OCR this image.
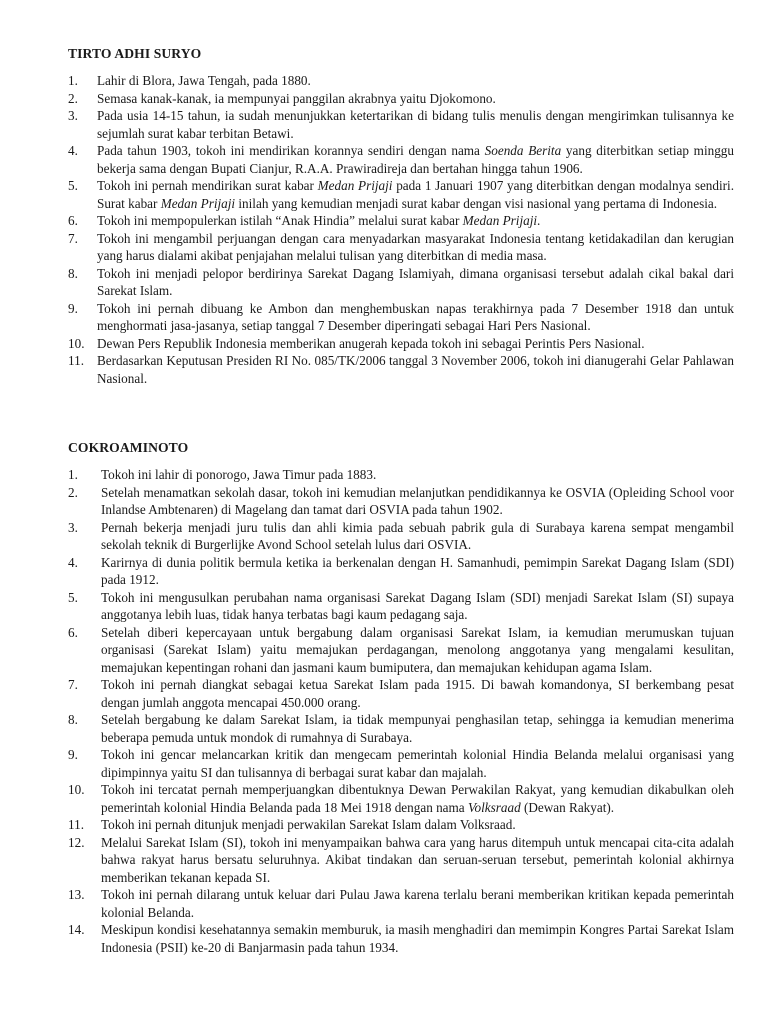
TIRTO ADHI SURYO
1.	Lahir di Blora, Jawa Tengah, pada 1880.
2.	Semasa kanak-kanak, ia mempunyai panggilan akrabnya yaitu Djokomono.
3.	Pada usia 14-15 tahun, ia sudah menunjukkan ketertarikan di bidang tulis menulis dengan mengirimkan tulisannya ke sejumlah surat kabar terbitan Betawi.
4.	Pada tahun 1903, tokoh ini mendirikan korannya sendiri dengan nama Soenda Berita yang diterbitkan setiap minggu bekerja sama dengan Bupati Cianjur, R.A.A. Prawiradireja dan bertahan hingga tahun 1906.
5.	Tokoh ini pernah mendirikan surat kabar Medan Prijaji pada 1 Januari 1907 yang diterbitkan dengan modalnya sendiri. Surat kabar Medan Prijaji inilah yang kemudian menjadi surat kabar dengan visi nasional yang pertama di Indonesia.
6.	Tokoh ini mempopulerkan istilah “Anak Hindia” melalui surat kabar Medan Prijaji.
7.	Tokoh ini mengambil perjuangan dengan cara menyadarkan masyarakat Indonesia tentang ketidakadilan dan kerugian yang harus dialami akibat penjajahan melalui tulisan yang diterbitkan di media masa.
8.	Tokoh ini menjadi pelopor berdirinya Sarekat Dagang Islamiyah, dimana organisasi tersebut adalah cikal bakal dari Sarekat Islam.
9.	Tokoh ini pernah dibuang ke Ambon dan menghembuskan napas terakhirnya pada 7 Desember 1918 dan untuk menghormati jasa-jasanya, setiap tanggal 7 Desember diperingati sebagai Hari Pers Nasional.
10. Dewan Pers Republik Indonesia memberikan anugerah kepada tokoh ini sebagai Perintis Pers Nasional.
11. Berdasarkan Keputusan Presiden RI No. 085/TK/2006 tanggal 3 November 2006, tokoh ini dianugerahi Gelar Pahlawan Nasional.
COKROAMINOTO
1.	Tokoh ini lahir di ponorogo, Jawa Timur pada 1883.
2.	Setelah menamatkan sekolah dasar, tokoh ini kemudian melanjutkan pendidikannya ke OSVIA (Opleiding School voor Inlandse Ambtenaren) di Magelang dan tamat dari OSVIA pada tahun 1902.
3.	Pernah bekerja menjadi juru tulis dan ahli kimia pada sebuah pabrik gula di Surabaya karena sempat mengambil sekolah teknik di Burgerlijke Avond School setelah lulus dari OSVIA.
4.	Karirnya di dunia politik bermula ketika ia berkenalan dengan H. Samanhudi, pemimpin Sarekat Dagang Islam (SDI) pada 1912.
5.	Tokoh ini mengusulkan perubahan nama organisasi Sarekat Dagang Islam (SDI) menjadi Sarekat Islam (SI) supaya anggotanya lebih luas, tidak hanya terbatas bagi kaum pedagang saja.
6.	Setelah diberi kepercayaan untuk bergabung dalam organisasi Sarekat Islam, ia kemudian merumuskan tujuan organisasi (Sarekat Islam) yaitu memajukan perdagangan, menolong anggotanya yang mengalami kesulitan, memajukan kepentingan rohani dan jasmani kaum bumiputera, dan memajukan kehidupan agama Islam.
7.	Tokoh ini pernah diangkat sebagai ketua Sarekat Islam pada 1915. Di bawah komandonya, SI berkembang pesat dengan jumlah anggota mencapai 450.000 orang.
8.	Setelah bergabung ke dalam Sarekat Islam, ia tidak mempunyai penghasilan tetap, sehingga ia kemudian menerima beberapa pemuda untuk mondok di rumahnya di Surabaya.
9.	Tokoh ini gencar melancarkan kritik dan mengecam pemerintah kolonial Hindia Belanda melalui organisasi yang dipimpinnya yaitu SI dan tulisannya di berbagai surat kabar dan majalah.
10.	Tokoh ini tercatat pernah memperjuangkan dibentuknya Dewan Perwakilan Rakyat, yang kemudian dikabulkan oleh pemerintah kolonial Hindia Belanda pada 18 Mei 1918 dengan nama Volksraad (Dewan Rakyat).
11.	Tokoh ini pernah ditunjuk menjadi perwakilan Sarekat Islam dalam Volksraad.
12.	Melalui Sarekat Islam (SI), tokoh ini menyampaikan bahwa cara yang harus ditempuh untuk mencapai cita-cita adalah bahwa rakyat harus bersatu seluruhnya. Akibat tindakan dan seruan-seruan tersebut, pemerintah kolonial akhirnya memberikan tekanan kepada SI.
13.	Tokoh ini pernah dilarang untuk keluar dari Pulau Jawa karena terlalu berani memberikan kritikan kepada pemerintah kolonial Belanda.
14.	Meskipun kondisi kesehatannya semakin memburuk, ia masih menghadiri dan memimpin Kongres Partai Sarekat Islam Indonesia (PSII) ke-20 di Banjarmasin pada tahun 1934.
